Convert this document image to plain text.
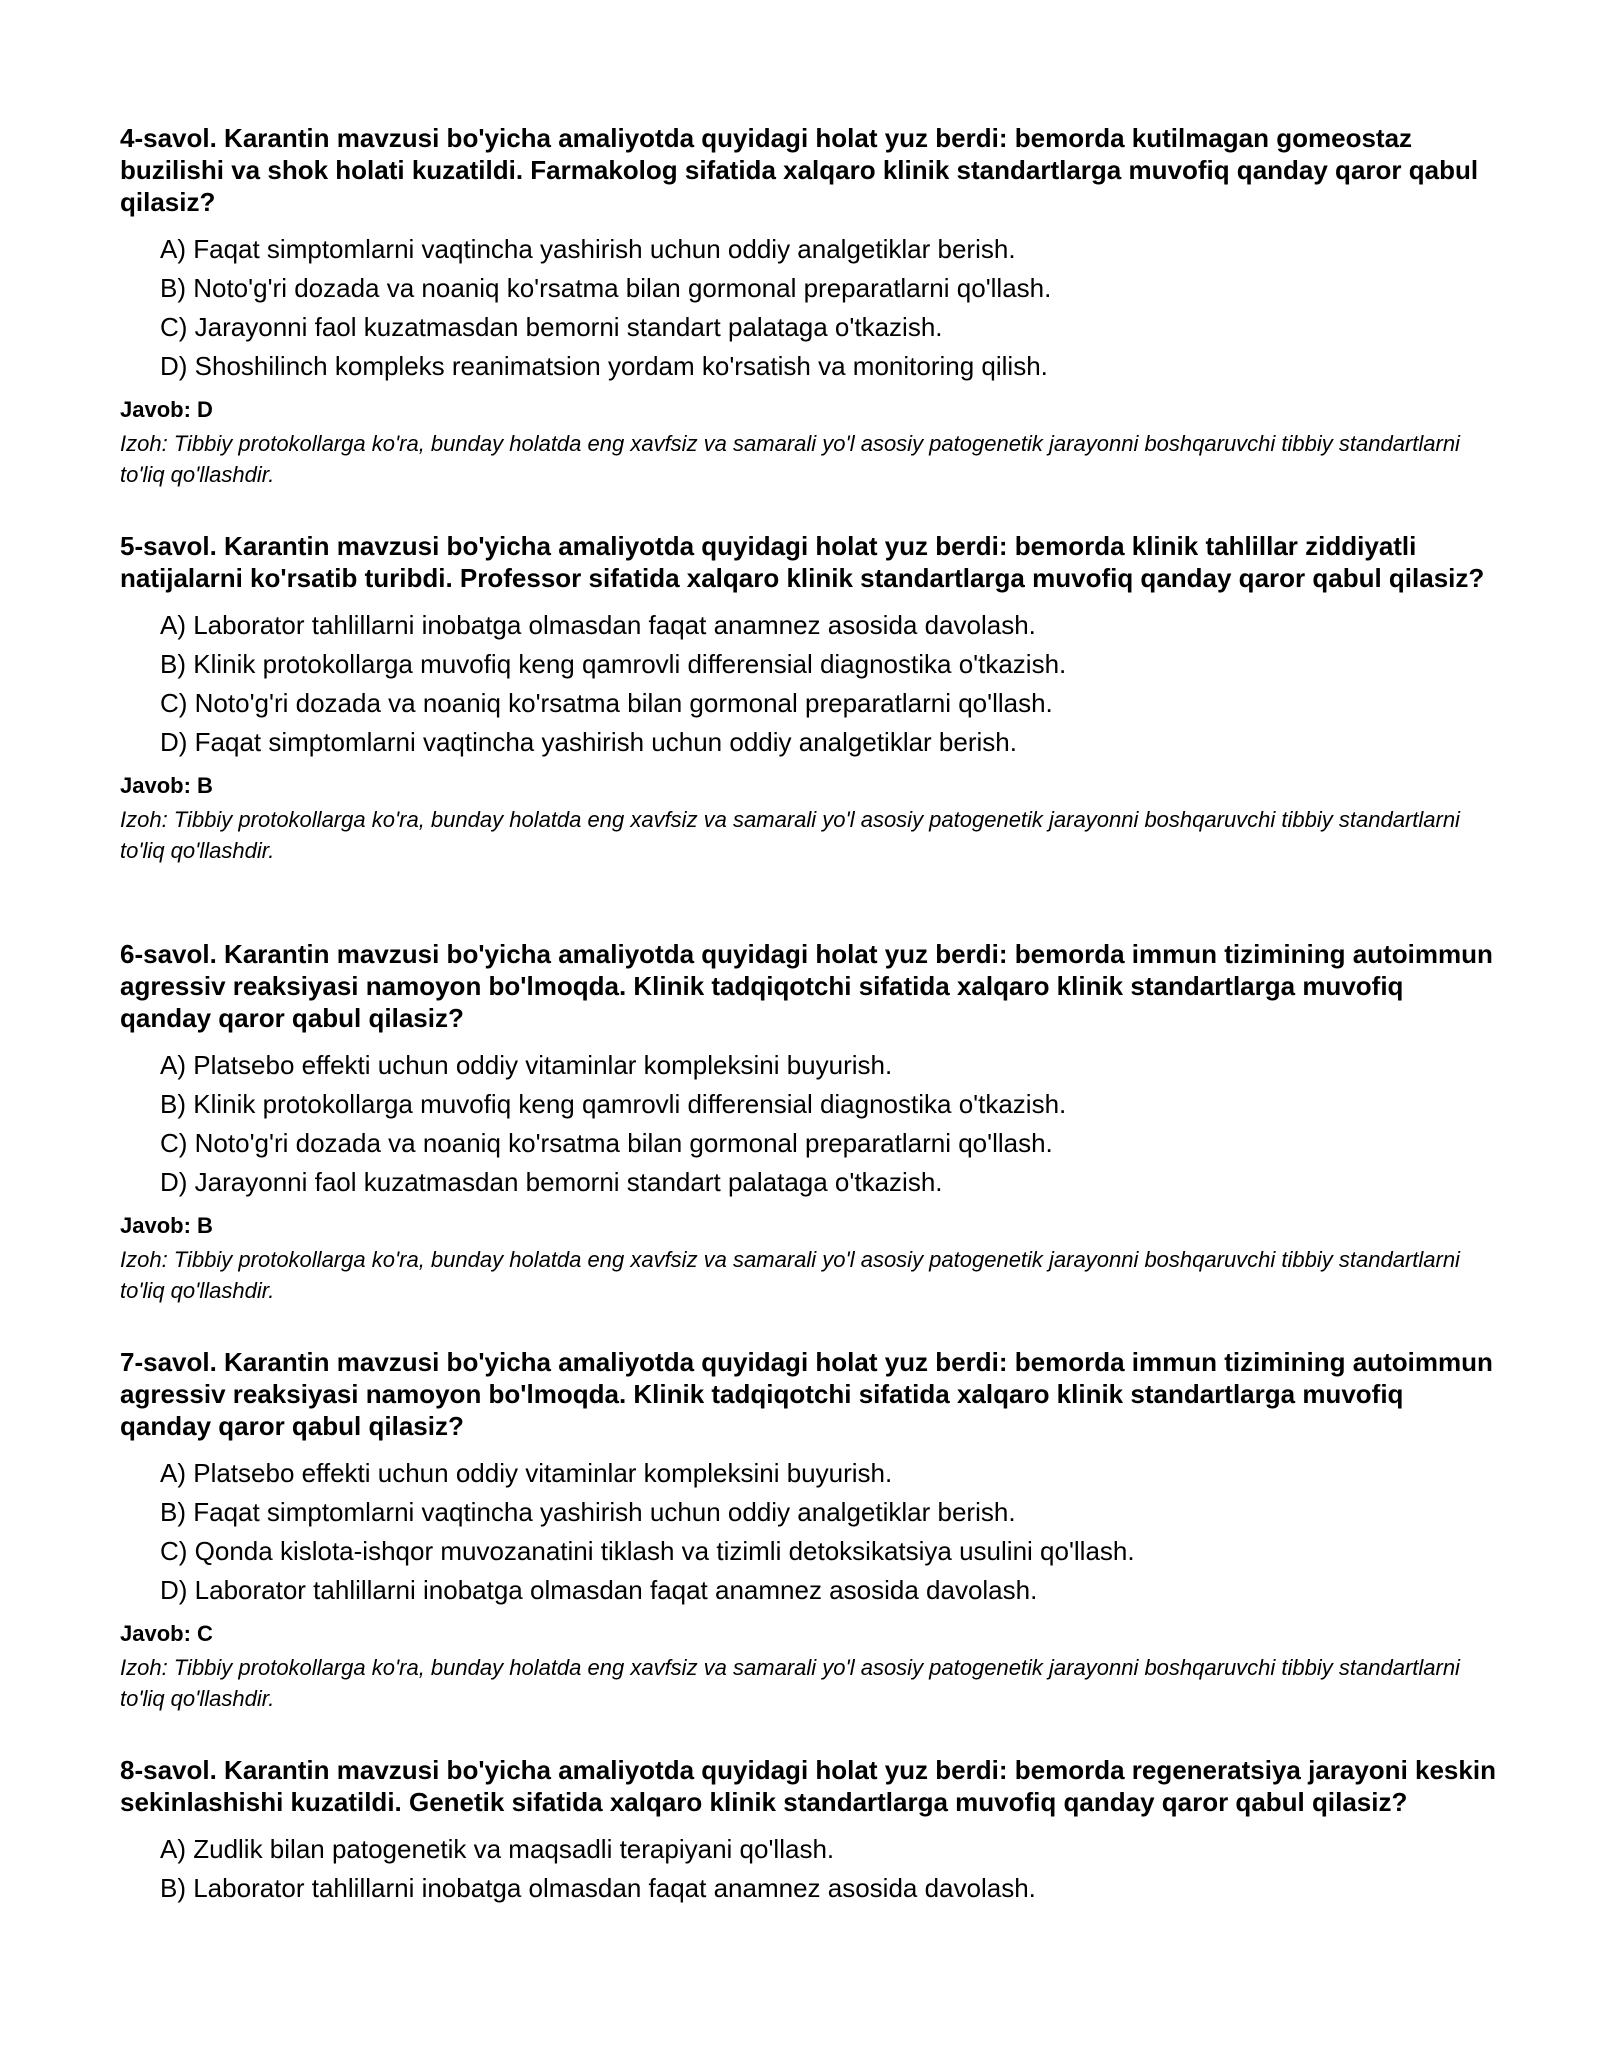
4-savol. Karantin mavzusi bo'yicha amaliyotda quyidagi holat yuz berdi: bemorda kutilmagan gomeostaz buzilishi va shok holati kuzatildi. Farmakolog sifatida xalqaro klinik standartlarga muvofiq qanday qaror qabul qilasiz?

A) Faqat simptomlarni vaqtincha yashirish uchun oddiy analgetiklar berish.
B) Noto'g'ri dozada va noaniq ko'rsatma bilan gormonal preparatlarni qo'llash.
C) Jarayonni faol kuzatmasdan bemorni standart palataga o'tkazish.
D) Shoshilinch kompleks reanimatsion yordam ko'rsatish va monitoring qilish.

Javob: D

Izoh: Tibbiy protokollarga ko'ra, bunday holatda eng xavfsiz va samarali yo'l asosiy patogenetik jarayonni boshqaruvchi tibbiy standartlarni to'liq qo'llashdir.

5-savol. Karantin mavzusi bo'yicha amaliyotda quyidagi holat yuz berdi: bemorda klinik tahlillar ziddiyatli natijalarni ko'rsatib turibdi. Professor sifatida xalqaro klinik standartlarga muvofiq qanday qaror qabul qilasiz?

A) Laborator tahlillarni inobatga olmasdan faqat anamnez asosida davolash.
B) Klinik protokollarga muvofiq keng qamrovli differensial diagnostika o'tkazish.
C) Noto'g'ri dozada va noaniq ko'rsatma bilan gormonal preparatlarni qo'llash.
D) Faqat simptomlarni vaqtincha yashirish uchun oddiy analgetiklar berish.

Javob: B

Izoh: Tibbiy protokollarga ko'ra, bunday holatda eng xavfsiz va samarali yo'l asosiy patogenetik jarayonni boshqaruvchi tibbiy standartlarni to'liq qo'llashdir.

6-savol. Karantin mavzusi bo'yicha amaliyotda quyidagi holat yuz berdi: bemorda immun tizimining autoimmun agressiv reaksiyasi namoyon bo'lmoqda. Klinik tadqiqotchi sifatida xalqaro klinik standartlarga muvofiq qanday qaror qabul qilasiz?

A) Platsebo effekti uchun oddiy vitaminlar kompleksini buyurish.
B) Klinik protokollarga muvofiq keng qamrovli differensial diagnostika o'tkazish.
C) Noto'g'ri dozada va noaniq ko'rsatma bilan gormonal preparatlarni qo'llash.
D) Jarayonni faol kuzatmasdan bemorni standart palataga o'tkazish.

Javob: B

Izoh: Tibbiy protokollarga ko'ra, bunday holatda eng xavfsiz va samarali yo'l asosiy patogenetik jarayonni boshqaruvchi tibbiy standartlarni to'liq qo'llashdir.

7-savol. Karantin mavzusi bo'yicha amaliyotda quyidagi holat yuz berdi: bemorda immun tizimining autoimmun agressiv reaksiyasi namoyon bo'lmoqda. Klinik tadqiqotchi sifatida xalqaro klinik standartlarga muvofiq qanday qaror qabul qilasiz?

A) Platsebo effekti uchun oddiy vitaminlar kompleksini buyurish.
B) Faqat simptomlarni vaqtincha yashirish uchun oddiy analgetiklar berish.
C) Qonda kislota-ishqor muvozanatini tiklash va tizimli detoksikatsiya usulini qo'llash.
D) Laborator tahlillarni inobatga olmasdan faqat anamnez asosida davolash.

Javob: C

Izoh: Tibbiy protokollarga ko'ra, bunday holatda eng xavfsiz va samarali yo'l asosiy patogenetik jarayonni boshqaruvchi tibbiy standartlarni to'liq qo'llashdir.

8-savol. Karantin mavzusi bo'yicha amaliyotda quyidagi holat yuz berdi: bemorda regeneratsiya jarayoni keskin sekinlashishi kuzatildi. Genetik sifatida xalqaro klinik standartlarga muvofiq qanday qaror qabul qilasiz?

A) Zudlik bilan patogenetik va maqsadli terapiyani qo'llash.
B) Laborator tahlillarni inobatga olmasdan faqat anamnez asosida davolash.
